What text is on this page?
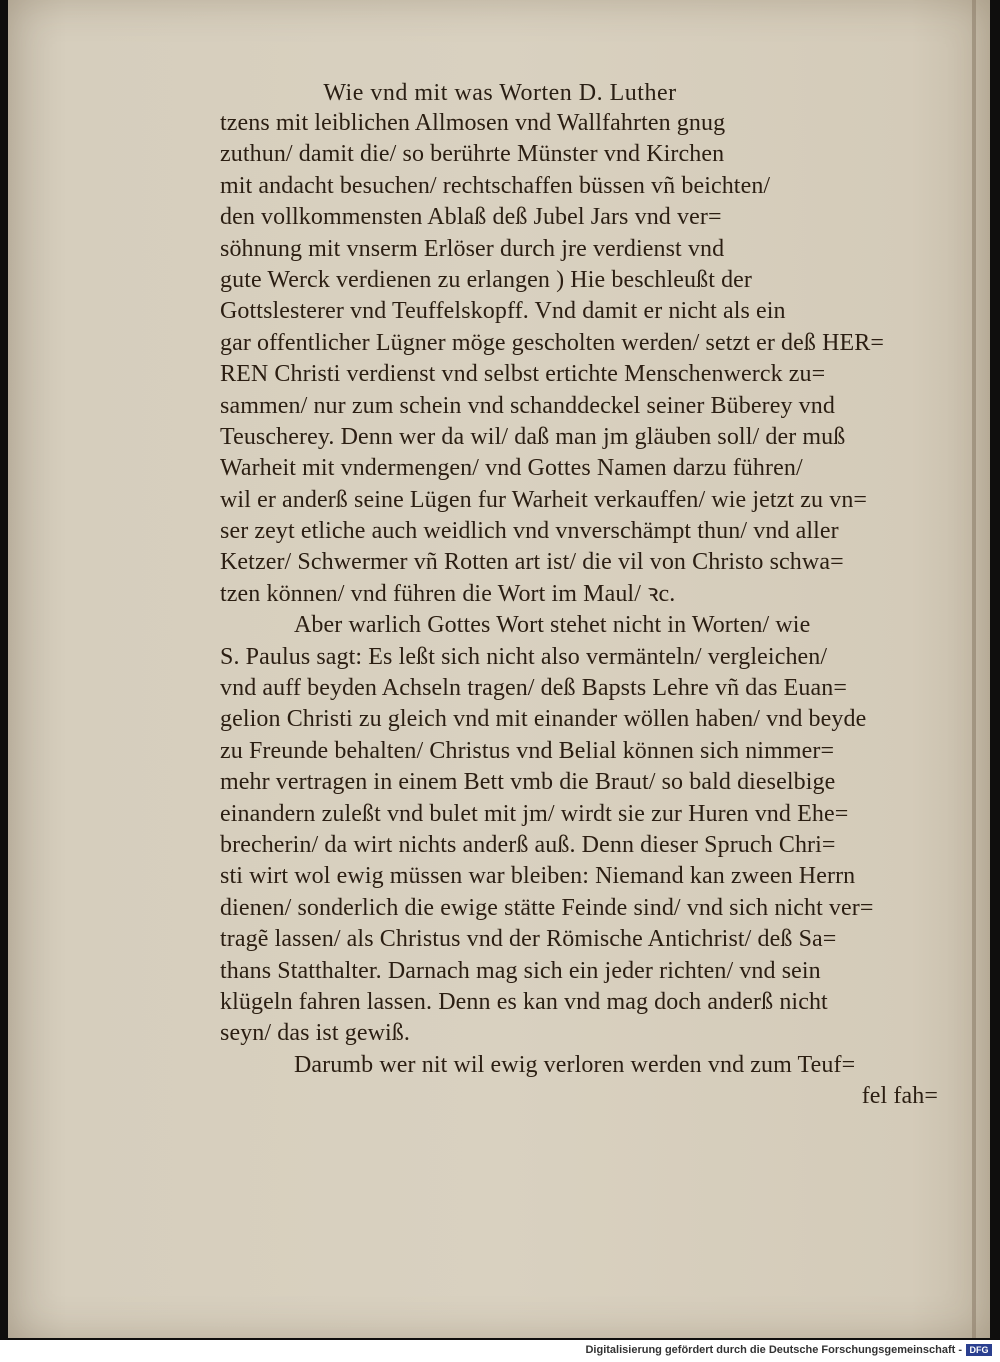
Wie vnd mit was Worten D. Luther
tzens mit leiblichen Allmosen vnd Wallfahrten gnug
zuthun/ damit die/ so berührte Münster vnd Kirchen
mit andacht besuchen/ rechtschaffen büssen vñ beichten/
den vollkommensten Ablaß deß Jubel Jars vnd ver=
söhnung mit vnserm Erlöser durch jre verdienst vnd
gute Werck verdienen zu erlangen ) Hie beschleußt der
Gottslesterer vnd Teuffelskopff. Vnd damit er nicht als ein
gar offentlicher Lügner möge gescholten werden/ setzt er deß HER=
REN Christi verdienst vnd selbst ertichte Menschenwerck zu=
sammen/ nur zum schein vnd schanddeckel seiner Büberey vnd
Teuscherey. Denn wer da wil/ daß man jm gläuben soll/ der muß
Warheit mit vndermengen/ vnd Gottes Namen darzu führen/
wil er anderß seine Lügen fur Warheit verkauffen/ wie jetzt zu vn=
ser zeyt etliche auch weidlich vnd vnverschämpt thun/ vnd aller
Ketzer/ Schwermer vñ Rotten art ist/ die vil von Christo schwa=
tzen können/ vnd führen die Wort im Maul/ ꝛc.
Aber warlich Gottes Wort stehet nicht in Worten/ wie
S. Paulus sagt: Es leßt sich nicht also vermänteln/ vergleichen/
vnd auff beyden Achseln tragen/ deß Bapsts Lehre vñ das Euan=
gelion Christi zu gleich vnd mit einander wöllen haben/ vnd beyde
zu Freunde behalten/ Christus vnd Belial können sich nimmer=
mehr vertragen in einem Bett vmb die Braut/ so bald dieselbige
einandern zuleßt vnd bulet mit jm/ wirdt sie zur Huren vnd Ehe=
brecherin/ da wirt nichts anderß auß. Denn dieser Spruch Chri=
sti wirt wol ewig müssen war bleiben: Niemand kan zween Herrn
dienen/ sonderlich die ewige stätte Feinde sind/ vnd sich nicht ver=
tragẽ lassen/ als Christus vnd der Römische Antichrist/ deß Sa=
thans Statthalter. Darnach mag sich ein jeder richten/ vnd sein
klügeln fahren lassen. Denn es kan vnd mag doch anderß nicht
seyn/ das ist gewiß.
Darumb wer nit wil ewig verloren werden vnd zum Teuf=
fel fah=
Digitalisierung gefördert durch die Deutsche Forschungsgemeinschaft - DFG
